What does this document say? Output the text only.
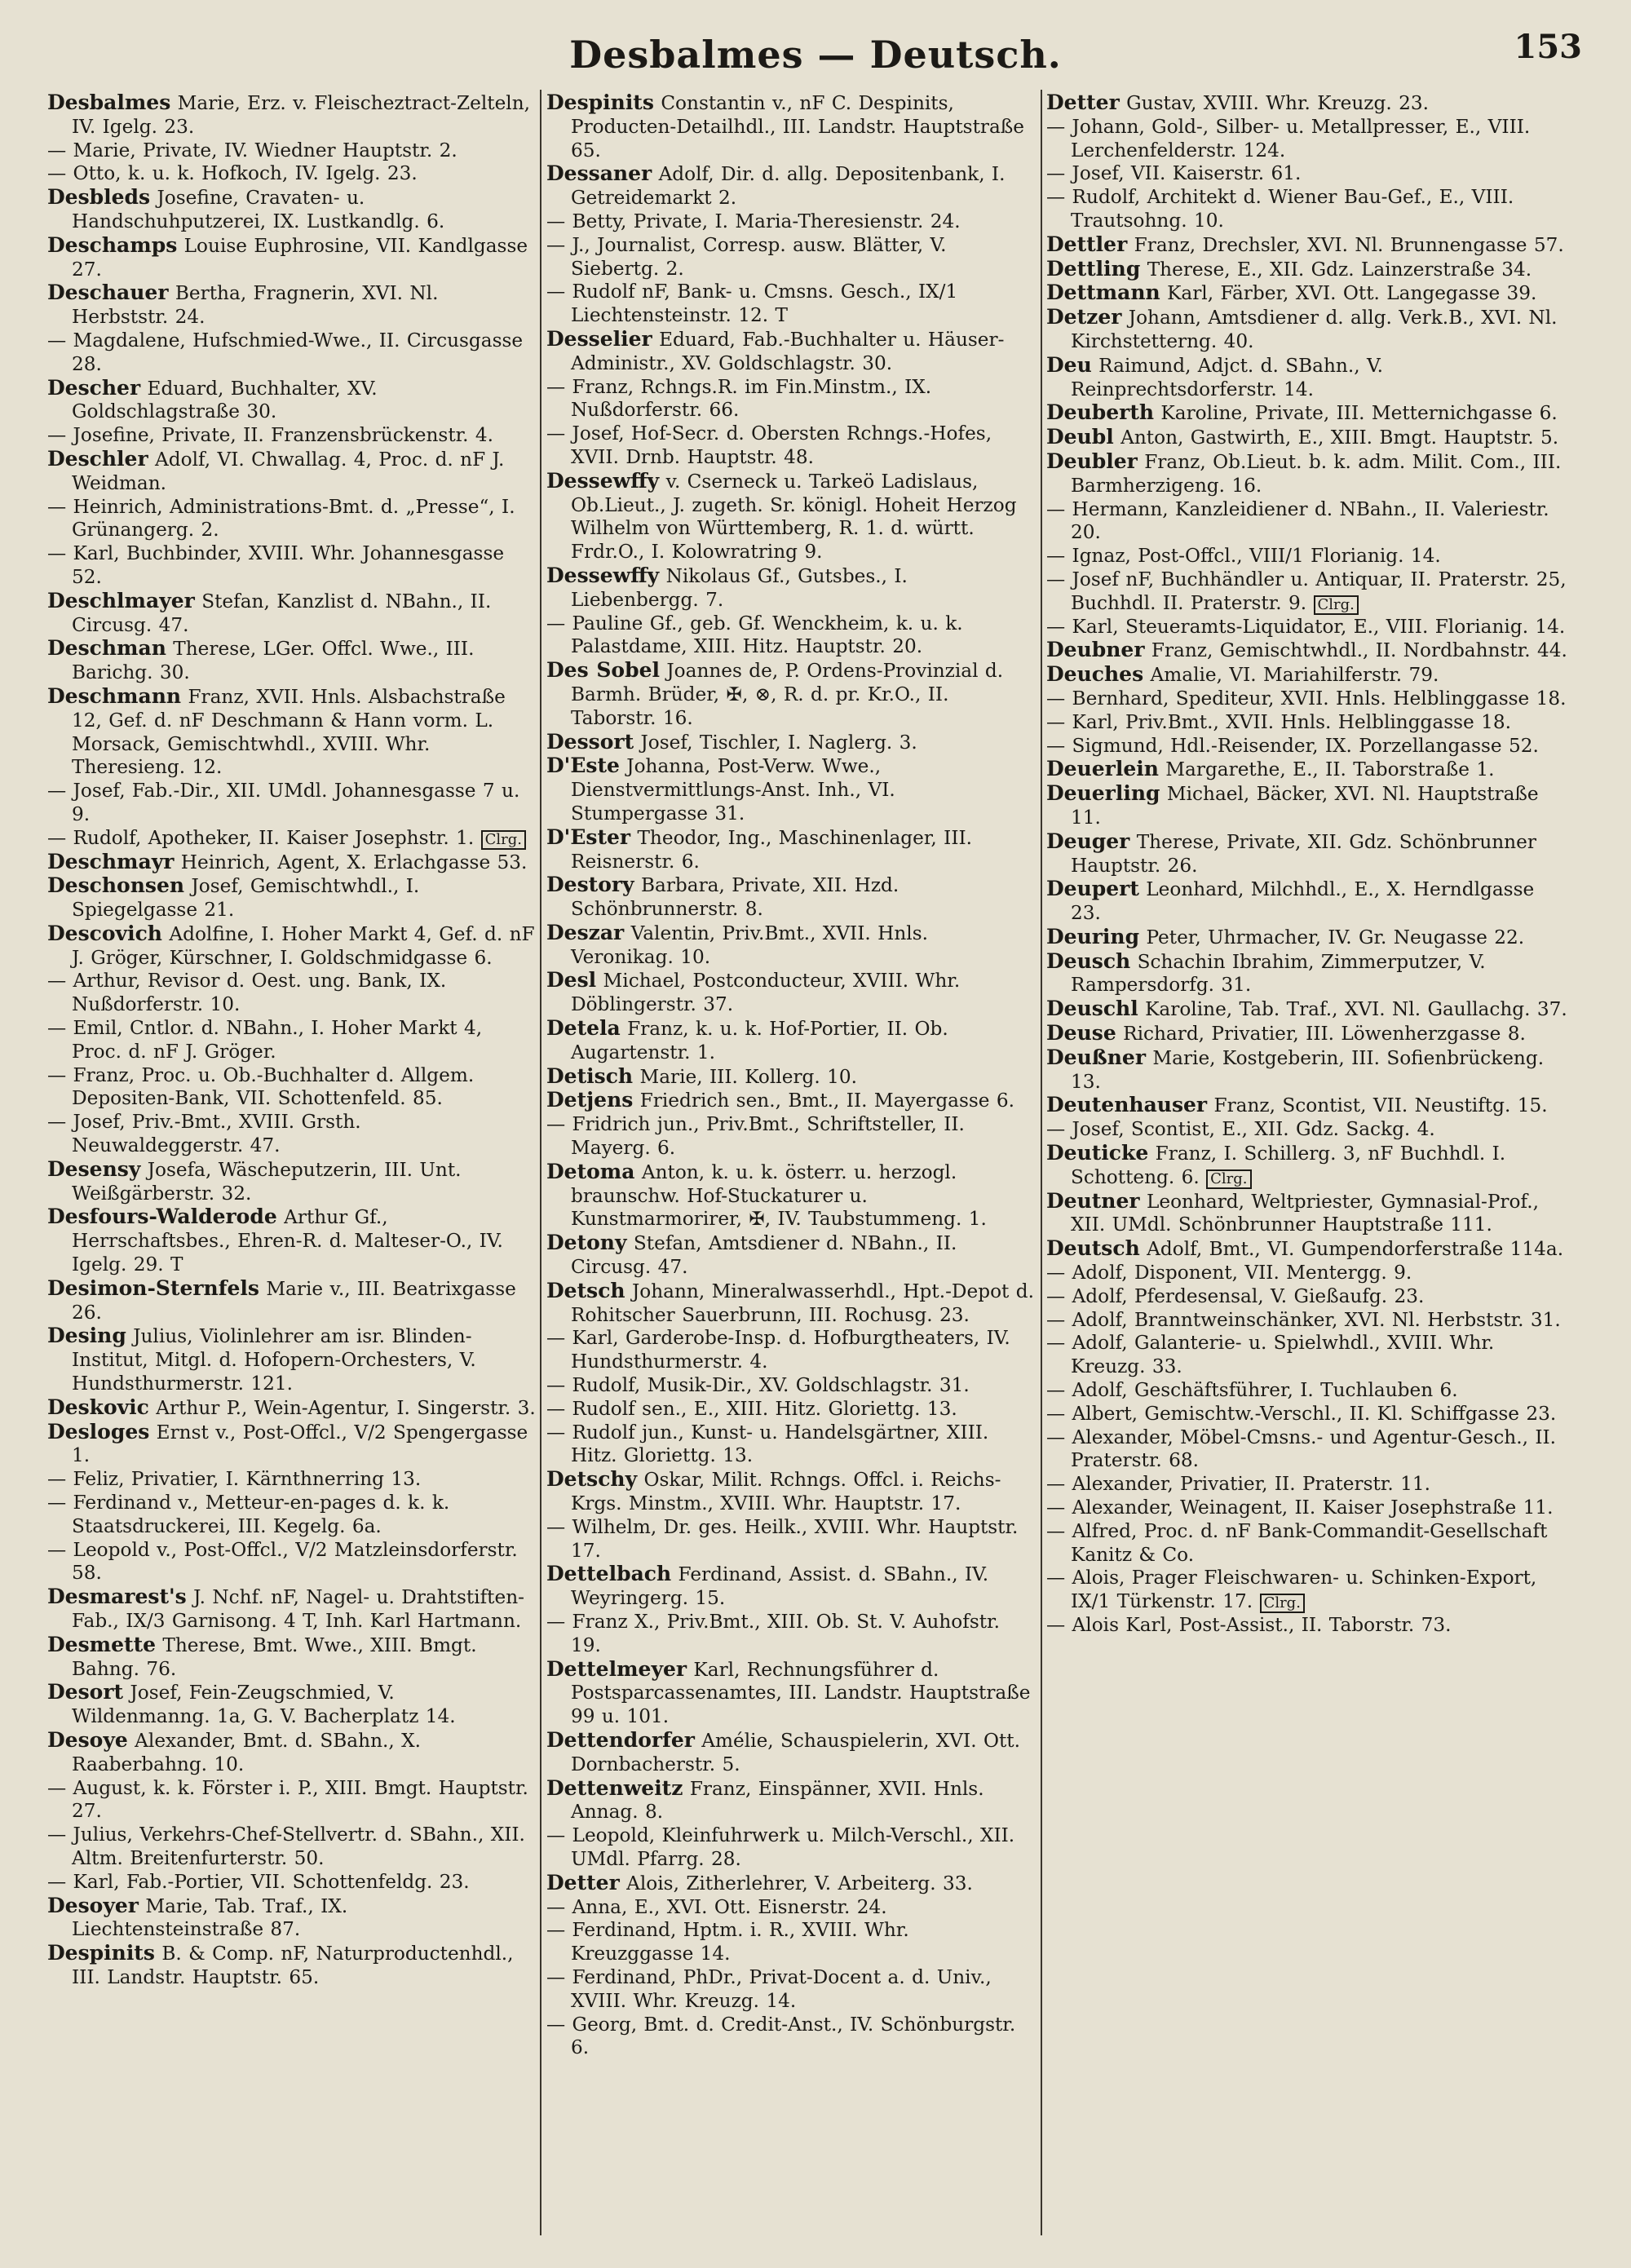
Desbalmes — Deutsch.	153

Desbalmes Marie, Erz. v. Fleischeztract-Zelteln, IV. Igelg. 23.

— Marie, Private, IV. Wiedner Hauptstr. 2.

— Otto, k. u. k. Hofkoch, IV. Igelg. 23.

Desbleds Josefine, Cravaten- u. Handschuhputzerei, IX. Lustkandlg. 6.

Deschamps Louise Euphrosine, VII. Kandlgasse 27.

Deschauer Bertha, Fragnerin, XVI. Nl. Herbststr. 24.

— Magdalene, Hufschmied-Wwe., II. Circusgasse 28.

Descher Eduard, Buchhalter, XV. Goldschlagstraße 30.

— Josefine, Private, II. Franzensbrückenstr. 4.

Deschler Adolf, VI. Chwallag. 4, Proc. d. nF J. Weidman.

— Heinrich, Administrations-Bmt. d. „Presse“, I. Grünangerg. 2.

— Karl, Buchbinder, XVIII. Whr. Johannesgasse 52.

Deschlmayer Stefan, Kanzlist d. NBahn., II. Circusg. 47.

Deschman Therese, LGer. Offcl. Wwe., III. Barichg. 30.

Deschmann Franz, XVII. Hnls. Alsbachstraße 12, Gef. d. nF Deschmann & Hann vorm. L. Morsack, Gemischtwhdl., XVIII. Whr. Theresieng. 12.

— Josef, Fab.-Dir., XII. UMdl. Johannesgasse 7 u. 9.

— Rudolf, Apotheker, II. Kaiser Josephstr. 1. Clrg.

Deschmayr Heinrich, Agent, X. Erlachgasse 53.

Deschonsen Josef, Gemischtwhdl., I. Spiegelgasse 21.

Descovich Adolfine, I. Hoher Markt 4, Gef. d. nF J. Gröger, Kürschner, I. Goldschmidgasse 6.

— Arthur, Revisor d. Oest. ung. Bank, IX. Nußdorferstr. 10.

— Emil, Cntlor. d. NBahn., I. Hoher Markt 4, Proc. d. nF J. Gröger.

— Franz, Proc. u. Ob.-Buchhalter d. Allgem. Depositen-Bank, VII. Schottenfeld. 85.

— Josef, Priv.-Bmt., XVIII. Grsth. Neuwaldeggerstr. 47.

Desensy Josefa, Wäscheputzerin, III. Unt. Weißgärberstr. 32.

Desfours-Walderode Arthur Gf., Herrschaftsbes., Ehren-R. d. Malteser-O., IV. Igelg. 29. T

Desimon-Sternfels Marie v., III. Beatrixgasse 26.

Desing Julius, Violinlehrer am isr. Blinden-Institut, Mitgl. d. Hofopern-Orchesters, V. Hundsthurmerstr. 121.

Deskovic Arthur P., Wein-Agentur, I. Singerstr. 3.

Desloges Ernst v., Post-Offcl., V/2 Spengergasse 1.

— Feliz, Privatier, I. Kärnthnerring 13.

— Ferdinand v., Metteur-en-pages d. k. k. Staatsdruckerei, III. Kegelg. 6a.

— Leopold v., Post-Offcl., V/2 Matzleinsdorferstr. 58.

Desmarest's J. Nchf. nF, Nagel- u. Drahtstiften-Fab., IX/3 Garnisong. 4 T, Inh. Karl Hartmann.

Desmette Therese, Bmt. Wwe., XIII. Bmgt. Bahng. 76.

Desort Josef, Fein-Zeugschmied, V. Wildenmanng. 1a, G. V. Bacherplatz 14.

Desoye Alexander, Bmt. d. SBahn., X. Raaberbahng. 10.

— August, k. k. Förster i. P., XIII. Bmgt. Hauptstr. 27.

— Julius, Verkehrs-Chef-Stellvertr. d. SBahn., XII. Altm. Breitenfurterstr. 50.

— Karl, Fab.-Portier, VII. Schottenfeldg. 23.

Desoyer Marie, Tab. Traf., IX. Liechtensteinstraße 87.

Despinits B. & Comp. nF, Naturproductenhdl., III. Landstr. Hauptstr. 65.

Despinits Constantin v., nF C. Despinits, Producten-Detailhdl., III. Landstr. Hauptstraße 65.

Dessaner Adolf, Dir. d. allg. Depositenbank, I. Getreidemarkt 2.

— Betty, Private, I. Maria-Theresienstr. 24.

— J., Journalist, Corresp. ausw. Blätter, V. Siebertg. 2.

— Rudolf nF, Bank- u. Cmsns. Gesch., IX/1 Liechtensteinstr. 12. T

Desselier Eduard, Fab.-Buchhalter u. Häuser-Administr., XV. Goldschlagstr. 30.

— Franz, Rchngs.R. im Fin.Minstm., IX. Nußdorferstr. 66.

— Josef, Hof-Secr. d. Obersten Rchngs.-Hofes, XVII. Drnb. Hauptstr. 48.

Dessewffy v. Cserneck u. Tarkeö Ladislaus, Ob.Lieut., J. zugeth. Sr. königl. Hoheit Herzog Wilhelm von Württemberg, R. 1. d. württ. Frdr.O., I. Kolowratring 9.

Dessewffy Nikolaus Gf., Gutsbes., I. Liebenbergg. 7.

— Pauline Gf., geb. Gf. Wenckheim, k. u. k. Palastdame, XIII. Hitz. Hauptstr. 20.

Des Sobel Joannes de, P. Ordens-Provinzial d. Barmh. Brüder, ✠, ⊗, R. d. pr. Kr.O., II. Taborstr. 16.

Dessort Josef, Tischler, I. Naglerg. 3.

D'Este Johanna, Post-Verw. Wwe., Dienstvermittlungs-Anst. Inh., VI. Stumpergasse 31.

D'Ester Theodor, Ing., Maschinenlager, III. Reisnerstr. 6.

Destory Barbara, Private, XII. Hzd. Schönbrunnerstr. 8.

Deszar Valentin, Priv.Bmt., XVII. Hnls. Veronikag. 10.

Desl Michael, Postconducteur, XVIII. Whr. Döblingerstr. 37.

Detela Franz, k. u. k. Hof-Portier, II. Ob. Augartenstr. 1.

Detisch Marie, III. Kollerg. 10.

Detjens Friedrich sen., Bmt., II. Mayergasse 6.

— Fridrich jun., Priv.Bmt., Schriftsteller, II. Mayerg. 6.

Detoma Anton, k. u. k. österr. u. herzogl. braunschw. Hof-Stuckaturer u. Kunstmarmorirer, ✠, IV. Taubstummeng. 1.

Detony Stefan, Amtsdiener d. NBahn., II. Circusg. 47.

Detsch Johann, Mineralwasserhdl., Hpt.-Depot d. Rohitscher Sauerbrunn, III. Rochusg. 23.

— Karl, Garderobe-Insp. d. Hofburgtheaters, IV. Hundsthurmerstr. 4.

— Rudolf, Musik-Dir., XV. Goldschlagstr. 31.

— Rudolf sen., E., XIII. Hitz. Gloriettg. 13.

— Rudolf jun., Kunst- u. Handelsgärtner, XIII. Hitz. Gloriettg. 13.

Detschy Oskar, Milit. Rchngs. Offcl. i. Reichs-Krgs. Minstm., XVIII. Whr. Hauptstr. 17.

— Wilhelm, Dr. ges. Heilk., XVIII. Whr. Hauptstr. 17.

Dettelbach Ferdinand, Assist. d. SBahn., IV. Weyringerg. 15.

— Franz X., Priv.Bmt., XIII. Ob. St. V. Auhofstr. 19.

Dettelmeyer Karl, Rechnungsführer d. Postsparcassenamtes, III. Landstr. Hauptstraße 99 u. 101.

Dettendorfer Amélie, Schauspielerin, XVI. Ott. Dornbacherstr. 5.

Dettenweitz Franz, Einspänner, XVII. Hnls. Annag. 8.

— Leopold, Kleinfuhrwerk u. Milch-Verschl., XII. UMdl. Pfarrg. 28.

Detter Alois, Zitherlehrer, V. Arbeiterg. 33.

— Anna, E., XVI. Ott. Eisnerstr. 24.

— Ferdinand, Hptm. i. R., XVIII. Whr. Kreuzggasse 14.

— Ferdinand, PhDr., Privat-Docent a. d. Univ., XVIII. Whr. Kreuzg. 14.

— Georg, Bmt. d. Credit-Anst., IV. Schönburgstr. 6.

Detter Gustav, XVIII. Whr. Kreuzg. 23.

— Johann, Gold-, Silber- u. Metallpresser, E., VIII. Lerchenfelderstr. 124.

— Josef, VII. Kaiserstr. 61.

— Rudolf, Architekt d. Wiener Bau-Gef., E., VIII. Trautsohng. 10.

Dettler Franz, Drechsler, XVI. Nl. Brunnengasse 57.

Dettling Therese, E., XII. Gdz. Lainzerstraße 34.

Dettmann Karl, Färber, XVI. Ott. Langegasse 39.

Detzer Johann, Amtsdiener d. allg. Verk.B., XVI. Nl. Kirchstetterng. 40.

Deu Raimund, Adjct. d. SBahn., V. Reinprechtsdorferstr. 14.

Deuberth Karoline, Private, III. Metternichgasse 6.

Deubl Anton, Gastwirth, E., XIII. Bmgt. Hauptstr. 5.

Deubler Franz, Ob.Lieut. b. k. adm. Milit. Com., III. Barmherzigeng. 16.

— Hermann, Kanzleidiener d. NBahn., II. Valeriestr. 20.

— Ignaz, Post-Offcl., VIII/1 Florianig. 14.

— Josef nF, Buchhändler u. Antiquar, II. Praterstr. 25, Buchhdl. II. Praterstr. 9. Clrg.

— Karl, Steueramts-Liquidator, E., VIII. Florianig. 14.

Deubner Franz, Gemischtwhdl., II. Nordbahnstr. 44.

Deuches Amalie, VI. Mariahilferstr. 79.

— Bernhard, Spediteur, XVII. Hnls. Helblinggasse 18.

— Karl, Priv.Bmt., XVII. Hnls. Helblinggasse 18.

— Sigmund, Hdl.-Reisender, IX. Porzellangasse 52.

Deuerlein Margarethe, E., II. Taborstraße 1.

Deuerling Michael, Bäcker, XVI. Nl. Hauptstraße 11.

Deuger Therese, Private, XII. Gdz. Schönbrunner Hauptstr. 26.

Deupert Leonhard, Milchhdl., E., X. Herndlgasse 23.

Deuring Peter, Uhrmacher, IV. Gr. Neugasse 22.

Deusch Schachin Ibrahim, Zimmerputzer, V. Rampersdorfg. 31.

Deuschl Karoline, Tab. Traf., XVI. Nl. Gaullachg. 37.

Deuse Richard, Privatier, III. Löwenherzgasse 8.

Deußner Marie, Kostgeberin, III. Sofienbrückeng. 13.

Deutenhauser Franz, Scontist, VII. Neustiftg. 15.

— Josef, Scontist, E., XII. Gdz. Sackg. 4.

Deuticke Franz, I. Schillerg. 3, nF Buchhdl. I. Schotteng. 6. Clrg.

Deutner Leonhard, Weltpriester, Gymnasial-Prof., XII. UMdl. Schönbrunner Hauptstraße 111.

Deutsch Adolf, Bmt., VI. Gumpendorferstraße 114a.

— Adolf, Disponent, VII. Mentergg. 9.

— Adolf, Pferdesensal, V. Gießaufg. 23.

— Adolf, Branntweinschänker, XVI. Nl. Herbststr. 31.

— Adolf, Galanterie- u. Spielwhdl., XVIII. Whr. Kreuzg. 33.

— Adolf, Geschäftsführer, I. Tuchlauben 6.

— Albert, Gemischtw.-Verschl., II. Kl. Schiffgasse 23.

— Alexander, Möbel-Cmsns.- und Agentur-Gesch., II. Praterstr. 68.

— Alexander, Privatier, II. Praterstr. 11.

— Alexander, Weinagent, II. Kaiser Josephstraße 11.

— Alfred, Proc. d. nF Bank-Commandit-Gesellschaft Kanitz & Co.

— Alois, Prager Fleischwaren- u. Schinken-Export, IX/1 Türkenstr. 17. Clrg.

— Alois Karl, Post-Assist., II. Taborstr. 73.
